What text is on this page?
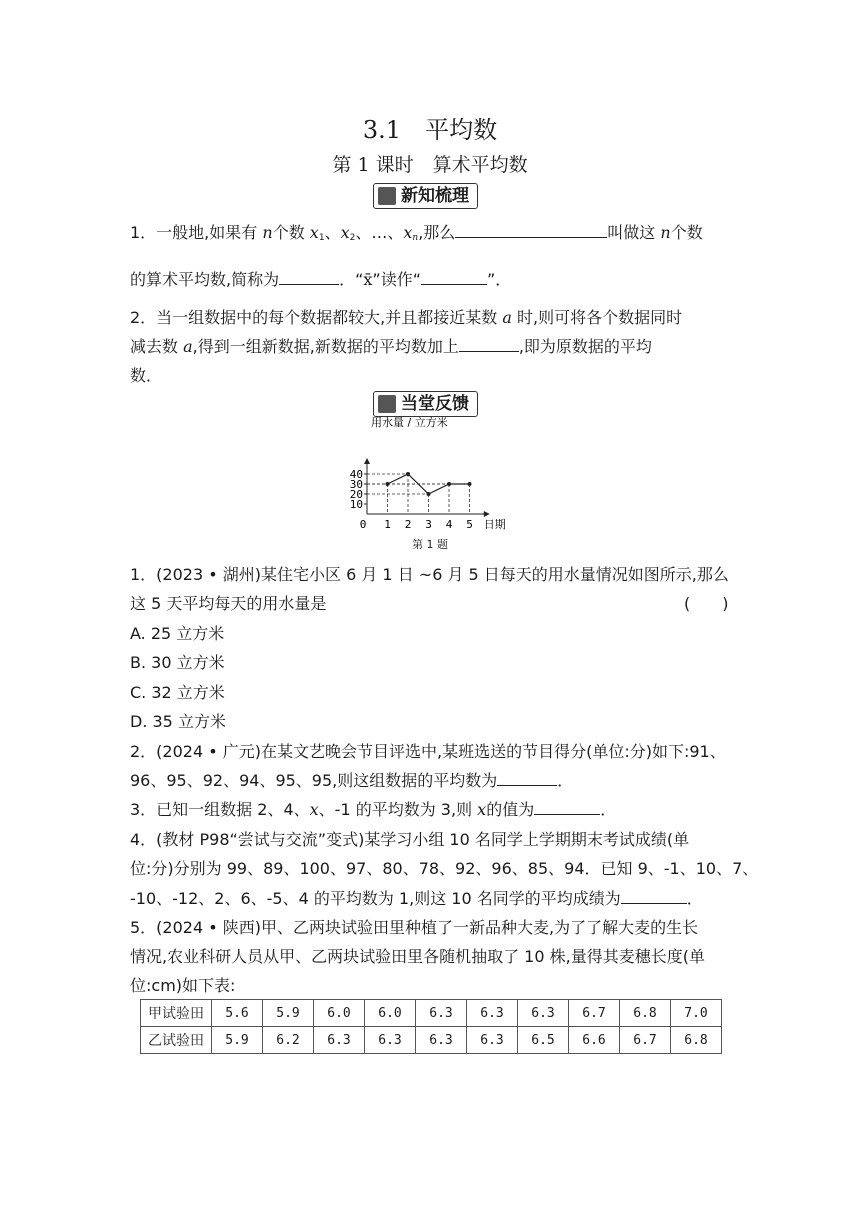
3.1　平均数
第 1 课时　算术平均数
新知梳理
1．一般地,如果有 n个数 $x_1$、$x_2$、…、$x_n$,那么	叫做这 n个数
的算术平均数,简称为	．“x̄”读作“	”．
2．当一组数据中的每个数据都较大,并且都接近某数 a 时,则可将各个数据同时
减去数 a,得到一组新数据,新数据的平均数加上	,即为原数据的平均
数．
当堂反馈
用水量 / 立方米
日期
10
20
30
40
0 1 2 3 4 5
第 1 题
1．(2023 • 湖州)某住宅小区 6 月 1 日 ~6 月 5 日每天的用水量情况如图所示,那么
这 5 天平均每天的用水量是	(　　)
A. 25 立方米
B. 30 立方米
C. 32 立方米
D. 35 立方米
2．(2024 • 广元)在某文艺晚会节目评选中,某班选送的节目得分(单位:分)如下:91、
96、95、92、94、95、95,则这组数据的平均数为	．
3．已知一组数据 2、4、x、-1 的平均数为 3,则 x的值为	．
4．(教材 P98“尝试与交流”变式)某学习小组 10 名同学上学期期末考试成绩(单
位:分)分别为 99、89、100、97、80、78、92、96、85、94．已知 9、-1、10、7、
-10、-12、2、6、-5、4 的平均数为 1,则这 10 名同学的平均成绩为	．
5．(2024 • 陕西)甲、乙两块试验田里种植了一新品种大麦,为了了解大麦的生长
情况,农业科研人员从甲、乙两块试验田里各随机抽取了 10 株,量得其麦穗长度(单
位:cm)如下表:
甲试验田	5.6	5.9	6.0	6.0	6.3	6.3	6.3	6.7	6.8	7.0
乙试验田	5.9	6.2	6.3	6.3	6.3	6.3	6.5	6.6	6.7	6.8
